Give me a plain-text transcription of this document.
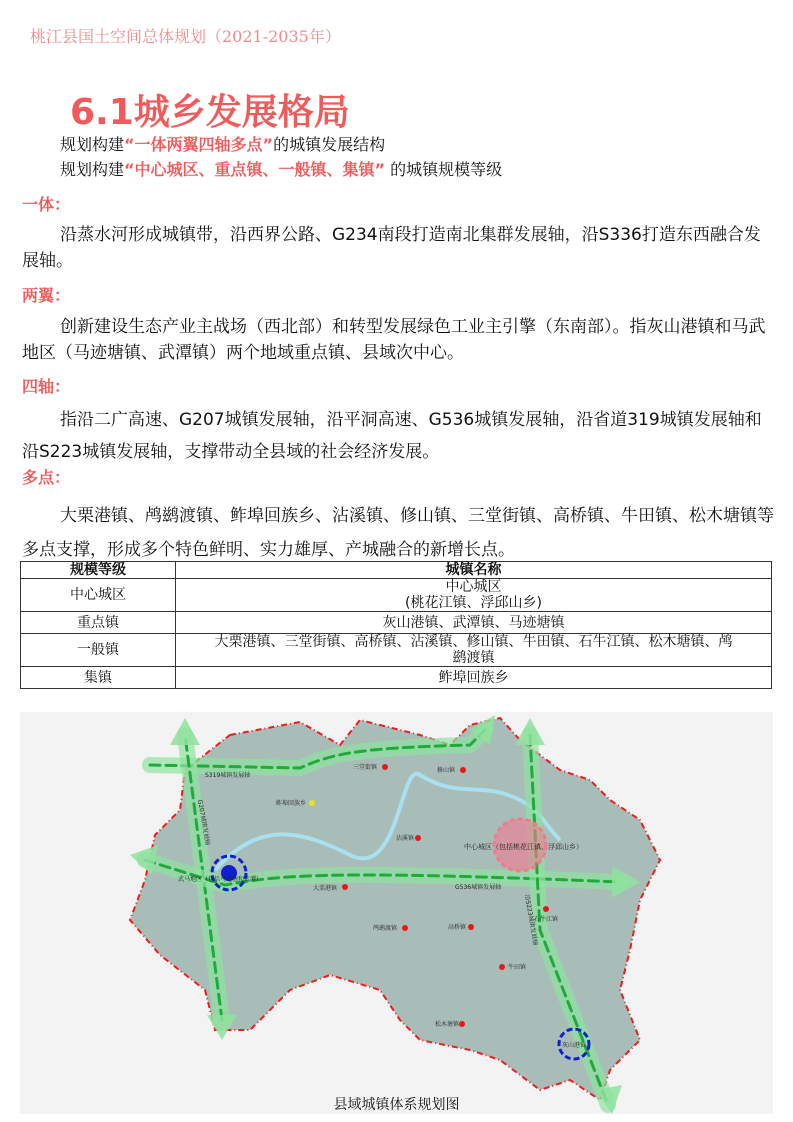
桃江县国土空间总体规划（2021-2035年）
6.1城乡发展格局
规划构建“一体两翼四轴多点”的城镇发展结构
规划构建“中心城区、重点镇、一般镇、集镇” 的城镇规模等级
一体：
沿蒸水河形成城镇带，沿西界公路、G234南段打造南北集群发展轴，沿S336打造东西融合发展轴。
两翼：
创新建设生态产业主战场（西北部）和转型发展绿色工业主引擎（东南部）。指灰山港镇和马武地区（马迹塘镇、武潭镇）两个地域重点镇、县域次中心。
四轴：
指沿二广高速、G207城镇发展轴，沿平洞高速、G536城镇发展轴，沿省道319城镇发展轴和沿S223城镇发展轴，支撑带动全县域的社会经济发展。
多点：
大栗港镇、鸬鹚渡镇、鲊埠回族乡、沾溪镇、修山镇、三堂街镇、高桥镇、牛田镇、松木塘镇等多点支撑，形成多个特色鲜明、实力雄厚、产城融合的新增长点。
规模等级	城镇名称
中心城区	中心城区
(桃花江镇、浮邱山乡)

重点镇	灰山港镇、武潭镇、马迹塘镇
一般镇	大栗港镇、三堂街镇、高桥镇、沾溪镇、修山镇、牛田镇、石牛江镇、松木塘镇、鸬
鹚渡镇

集镇	鲊埠回族乡
S319城镇发展轴
G536城镇发展轴
G207城镇发展轴
沿S223城镇发展轴
三堂街镇	修山镇
鲊埠回族乡
沾溪镇
中心城区（包括桃花江镇、浮邱山乡）
武马地区（包括马迹塘和武潭）
大栗港镇
鸬鹚渡镇	高桥镇
石牛江镇
牛田镇
松木塘镇
灰山港镇
县域城镇体系规划图
